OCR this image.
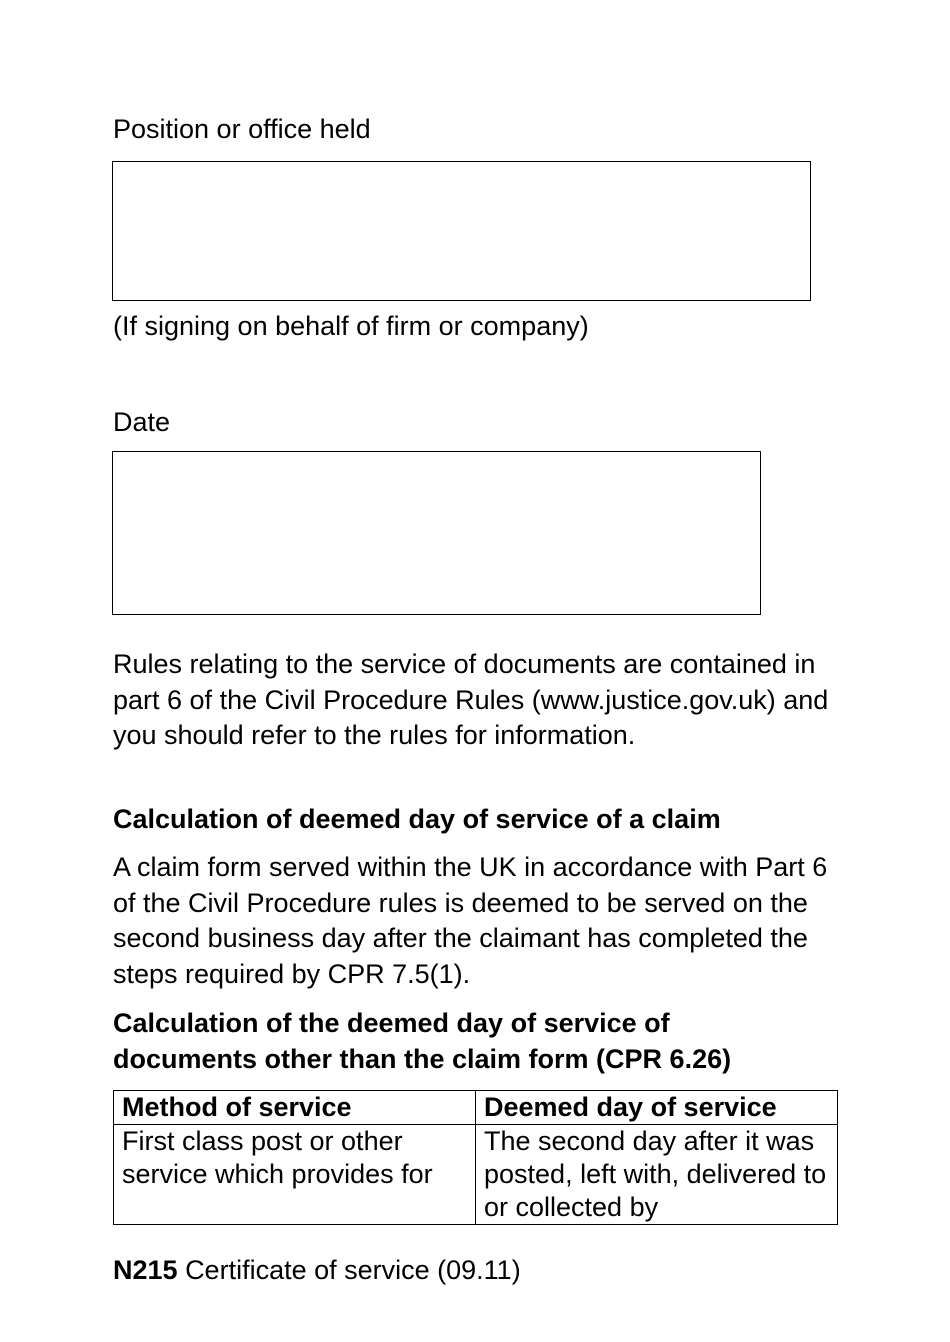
Position or office held
(If signing on behalf of firm or company)
Date
Rules relating to the service of documents are contained in part 6 of the Civil Procedure Rules (www.justice.gov.uk) and you should refer to the rules for information.
Calculation of deemed day of service of a claim
A claim form served within the UK in accordance with Part 6 of the Civil Procedure rules is deemed to be served on the second business day after the claimant has completed the steps required by CPR 7.5(1).
Calculation of the deemed day of service of documents other than the claim form (CPR 6.26)
Method of service	Deemed day of service
First class post or other service which provides for	The second day after it was posted, left with, delivered to or collected by
N215 Certificate of service (09.11)
